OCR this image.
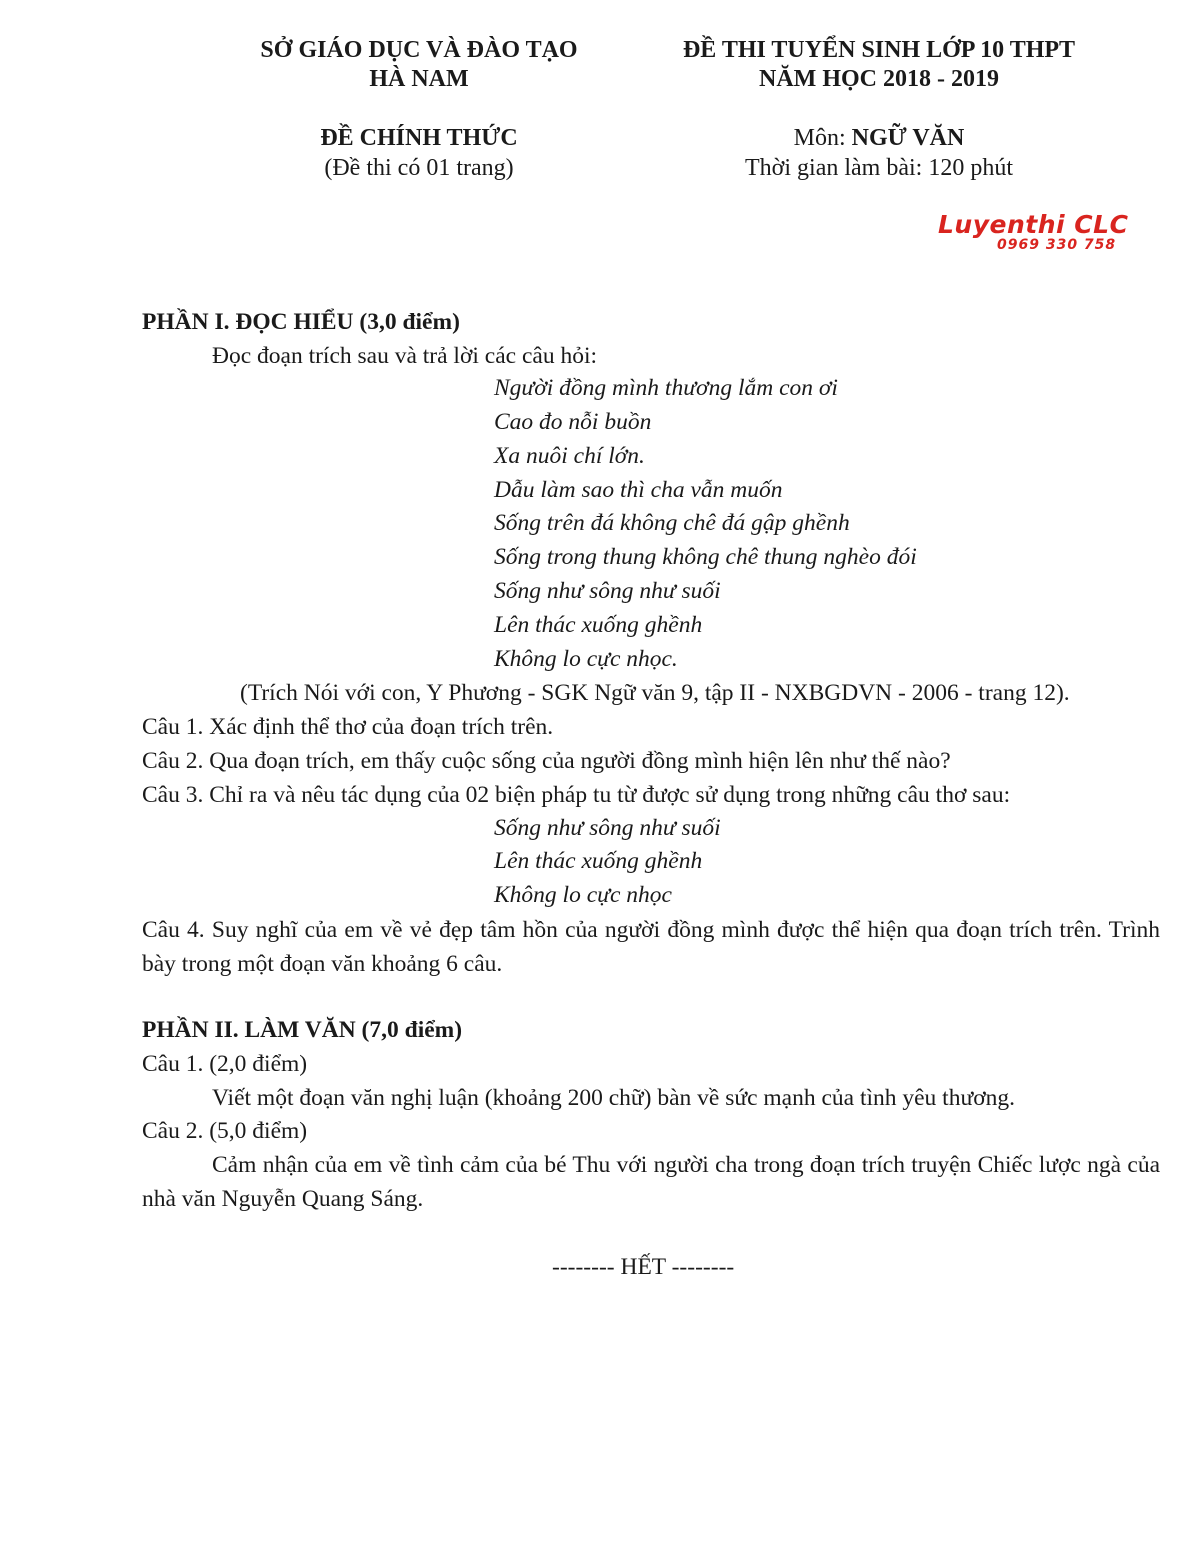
SỞ GIÁO DỤC VÀ ĐÀO TẠO
HÀ NAM
ĐỀ CHÍNH THỨC
(Đề thi có 01 trang)
ĐỀ THI TUYỂN SINH LỚP 10 THPT
NĂM HỌC 2018 - 2019
Môn: NGỮ VĂN
Thời gian làm bài: 120 phút
Luyenthi CLC
0969 330 758
PHẦN I. ĐỌC HIỂU (3,0 điểm)
Đọc đoạn trích sau và trả lời các câu hỏi:
Người đồng mình thương lắm con ơi
Cao đo nỗi buồn
Xa nuôi chí lớn.
Dẫu làm sao thì cha vẫn muốn
Sống trên đá không chê đá gập ghềnh
Sống trong thung không chê thung nghèo đói
Sống như sông như suối
Lên thác xuống ghềnh
Không lo cực nhọc.
(Trích Nói với con, Y Phương - SGK Ngữ văn 9, tập II - NXBGDVN - 2006 - trang 12).
Câu 1. Xác định thể thơ của đoạn trích trên.
Câu 2. Qua đoạn trích, em thấy cuộc sống của người đồng mình hiện lên như thế nào?
Câu 3. Chỉ ra và nêu tác dụng của 02 biện pháp tu từ được sử dụng trong những câu thơ sau:
Sống như sông như suối
Lên thác xuống ghềnh
Không lo cực nhọc

Câu 4. Suy nghĩ của em về vẻ đẹp tâm hồn của người đồng mình được thể hiện qua đoạn trích trên. Trình bày trong một đoạn văn khoảng 6 câu.

PHẦN II. LÀM VĂN (7,0 điểm)
Câu 1. (2,0 điểm)
Viết một đoạn văn nghị luận (khoảng 200 chữ) bàn về sức mạnh của tình yêu thương.
Câu 2. (5,0 điểm)

Cảm nhận của em về tình cảm của bé Thu với người cha trong đoạn trích truyện Chiếc lược ngà của nhà văn Nguyễn Quang Sáng.

-------- HẾT --------
